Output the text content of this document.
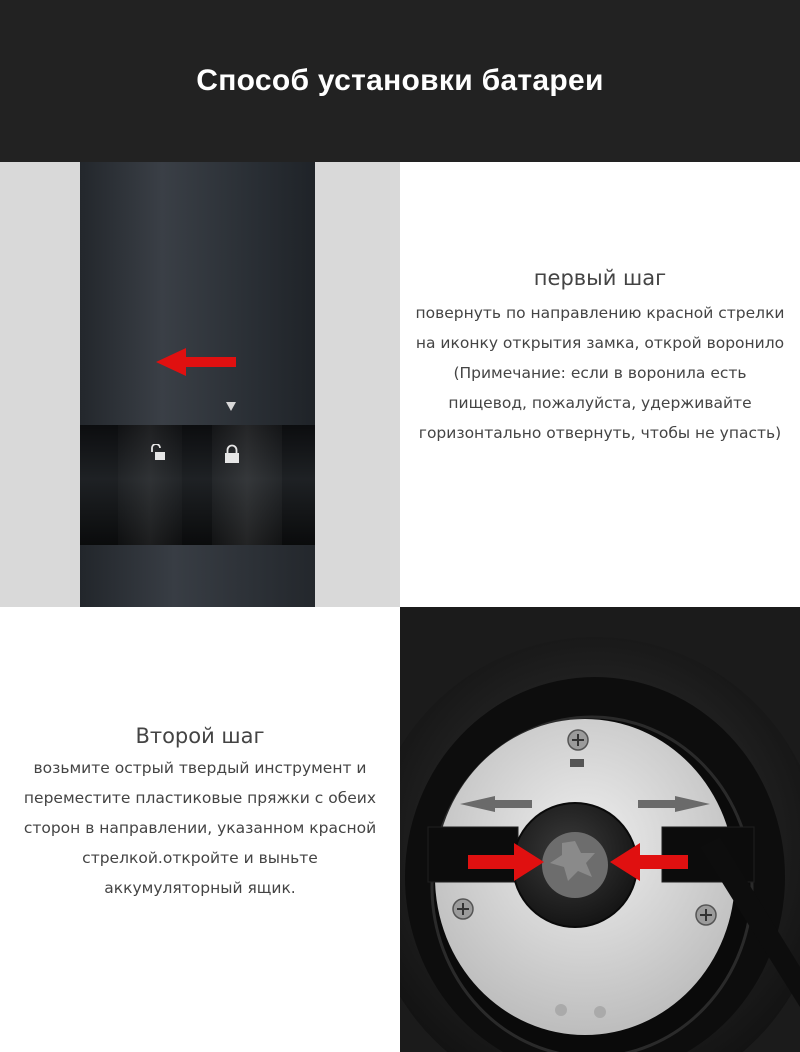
Способ установки батареи

первый шаг

повернуть по направлению красной стрелки

на иконку открытия замка, открой воронило

(Примечание: если в воронила есть

пищевод, пожалуйста, удерживайте

горизонтально отвернуть, чтобы не упасть)

Второй шаг

возьмите острый твердый инструмент и

переместите пластиковые пряжки с обеих

сторон в направлении, указанном красной

стрелкой.откройте и выньте

аккумуляторный ящик.
